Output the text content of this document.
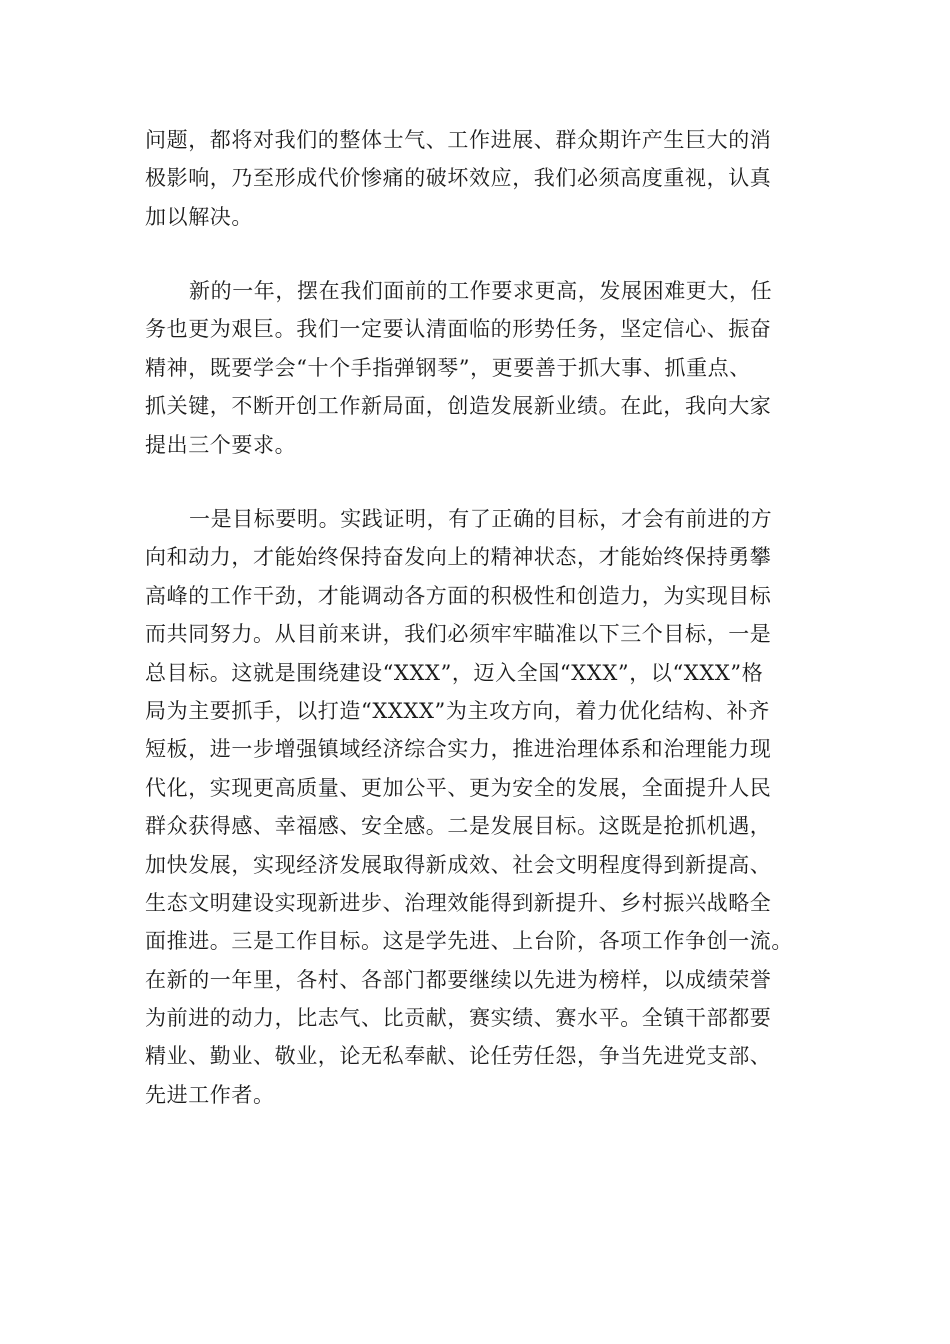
问题，都将对我们的整体士气、工作进展、群众期许产生巨大的消
极影响，乃至形成代价惨痛的破坏效应，我们必须高度重视，认真
加以解决。
新的一年，摆在我们面前的工作要求更高，发展困难更大，任
务也更为艰巨。我们一定要认清面临的形势任务，坚定信心、振奋
精神，既要学会“十个手指弹钢琴”，更要善于抓大事、抓重点、
抓关键，不断开创工作新局面，创造发展新业绩。在此，我向大家
提出三个要求。
一是目标要明。实践证明，有了正确的目标，才会有前进的方
向和动力，才能始终保持奋发向上的精神状态，才能始终保持勇攀
高峰的工作干劲，才能调动各方面的积极性和创造力，为实现目标
而共同努力。从目前来讲，我们必须牢牢瞄准以下三个目标，一是
总目标。这就是围绕建设“XXX”，迈入全国“XXX”，以“XXX”格
局为主要抓手，以打造“XXXX”为主攻方向，着力优化结构、补齐
短板，进一步增强镇域经济综合实力，推进治理体系和治理能力现
代化，实现更高质量、更加公平、更为安全的发展，全面提升人民
群众获得感、幸福感、安全感。二是发展目标。这既是抢抓机遇，
加快发展，实现经济发展取得新成效、社会文明程度得到新提高、
生态文明建设实现新进步、治理效能得到新提升、乡村振兴战略全
面推进。三是工作目标。这是学先进、上台阶，各项工作争创一流。
在新的一年里，各村、各部门都要继续以先进为榜样，以成绩荣誉
为前进的动力，比志气、比贡献，赛实绩、赛水平。全镇干部都要
精业、勤业、敬业，论无私奉献、论任劳任怨，争当先进党支部、
先进工作者。
